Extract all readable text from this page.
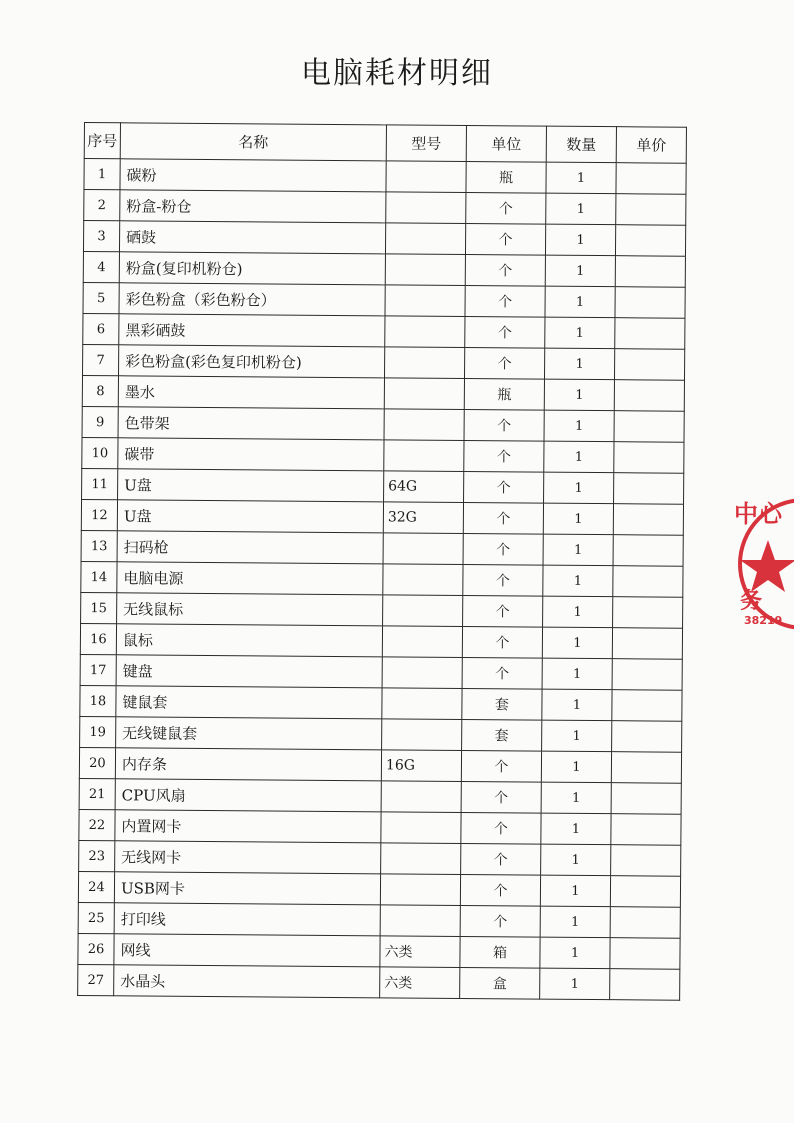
电脑耗材明细
序号	名称	型号	单位	数量	单价
1	碳粉		瓶	1	
2	粉盒-粉仓		个	1	
3	硒鼓		个	1	
4	粉盒(复印机粉仓)		个	1	
5	彩色粉盒（彩色粉仓）		个	1	
6	黑彩硒鼓		个	1	
7	彩色粉盒(彩色复印机粉仓)		个	1	
8	墨水		瓶	1	
9	色带架		个	1	
10	碳带		个	1	
11	U盘	64G	个	1	
12	U盘	32G	个	1	
13	扫码枪		个	1	
14	电脑电源		个	1	
15	无线鼠标		个	1	
16	鼠标		个	1	
17	键盘		个	1	
18	键鼠套		套	1	
19	无线键鼠套		套	1	
20	内存条	16G	个	1	
21	CPU风扇		个	1	
22	内置网卡		个	1	
23	无线网卡		个	1	
24	USB网卡		个	1	
25	打印线		个	1	
26	网线	六类	箱	1	
27	水晶头	六类	盒	1	
中心
务
38219
